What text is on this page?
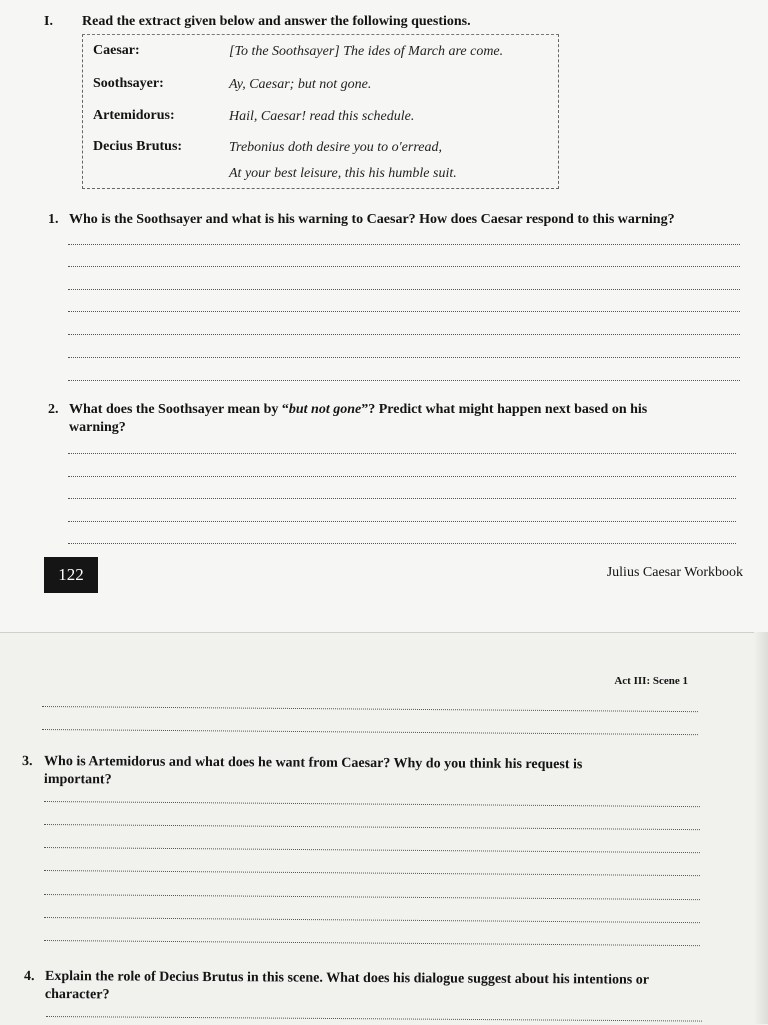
I. Read the extract given below and answer the following questions.
Caesar:	[To the Soothsayer] The ides of March are come.
Soothsayer:	Ay, Caesar; but not gone.
Artemidorus:	Hail, Caesar! read this schedule.
Decius Brutus:	Trebonius doth desire you to o'erread,
At your best leisure, this his humble suit.
1. Who is the Soothsayer and what is his warning to Caesar? How does Caesar respond to this warning?
2. What does the Soothsayer mean by “but not gone”? Predict what might happen next based on his
warning?
122	Julius Caesar Workbook
Act III: Scene 1
3. Who is Artemidorus and what does he want from Caesar? Why do you think his request is
important?
4. Explain the role of Decius Brutus in this scene. What does his dialogue suggest about his intentions or
character?
